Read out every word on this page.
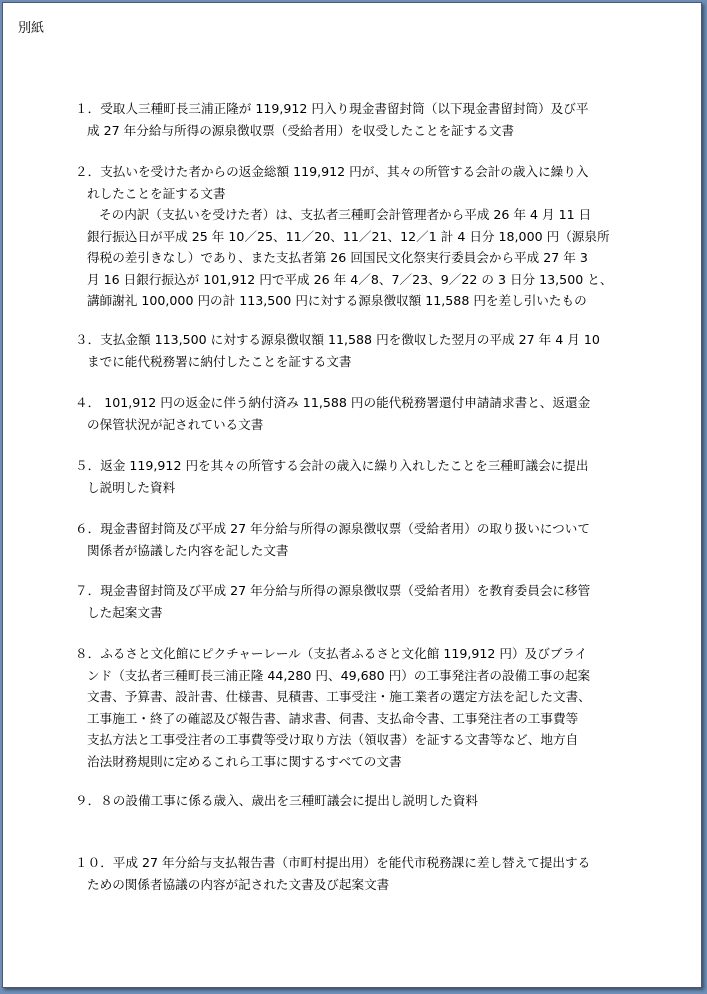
別紙
１．受取人三種町長三浦正隆が 119,912 円入り現金書留封筒（以下現金書留封筒）及び平
成 27 年分給与所得の源泉徴収票（受給者用）を収受したことを証する文書
２．支払いを受けた者からの返金総額 119,912 円が、其々の所管する会計の歳入に繰り入
れしたことを証する文書
その内訳（支払いを受けた者）は、支払者三種町会計管理者から平成 26 年 4 月 11 日
銀行振込日が平成 25 年 10／25、11／20、11／21、12／1 計 4 日分 18,000 円（源泉所
得税の差引きなし）であり、また支払者第 26 回国民文化祭実行委員会から平成 27 年 3
月 16 日銀行振込が 101,912 円で平成 26 年 4／8、7／23、9／22 の 3 日分 13,500 と、
講師謝礼 100,000 円の計 113,500 円に対する源泉徴収額 11,588 円を差し引いたもの
３．支払金額 113,500 に対する源泉徴収額 11,588 円を徴収した翌月の平成 27 年 4 月 10
までに能代税務署に納付したことを証する文書
４． 101,912 円の返金に伴う納付済み 11,588 円の能代税務署還付申請請求書と、返還金
の保管状況が記されている文書
５．返金 119,912 円を其々の所管する会計の歳入に繰り入れしたことを三種町議会に提出
し説明した資料
６．現金書留封筒及び平成 27 年分給与所得の源泉徴収票（受給者用）の取り扱いについて
関係者が協議した内容を記した文書
７．現金書留封筒及び平成 27 年分給与所得の源泉徴収票（受給者用）を教育委員会に移管
した起案文書
８．ふるさと文化館にピクチャーレール（支払者ふるさと文化館 119,912 円）及びブライ
ンド（支払者三種町長三浦正隆 44,280 円、49,680 円）の工事発注者の設備工事の起案
文書、予算書、設計書、仕様書、見積書、工事受注・施工業者の選定方法を記した文書、
工事施工・終了の確認及び報告書、請求書、伺書、支払命令書、工事発注者の工事費等
支払方法と工事受注者の工事費等受け取り方法（領収書）を証する文書等など、地方自
治法財務規則に定めるこれら工事に関するすべての文書
９．８の設備工事に係る歳入、歳出を三種町議会に提出し説明した資料
１０．平成 27 年分給与支払報告書（市町村提出用）を能代市税務課に差し替えて提出する
ための関係者協議の内容が記された文書及び起案文書
